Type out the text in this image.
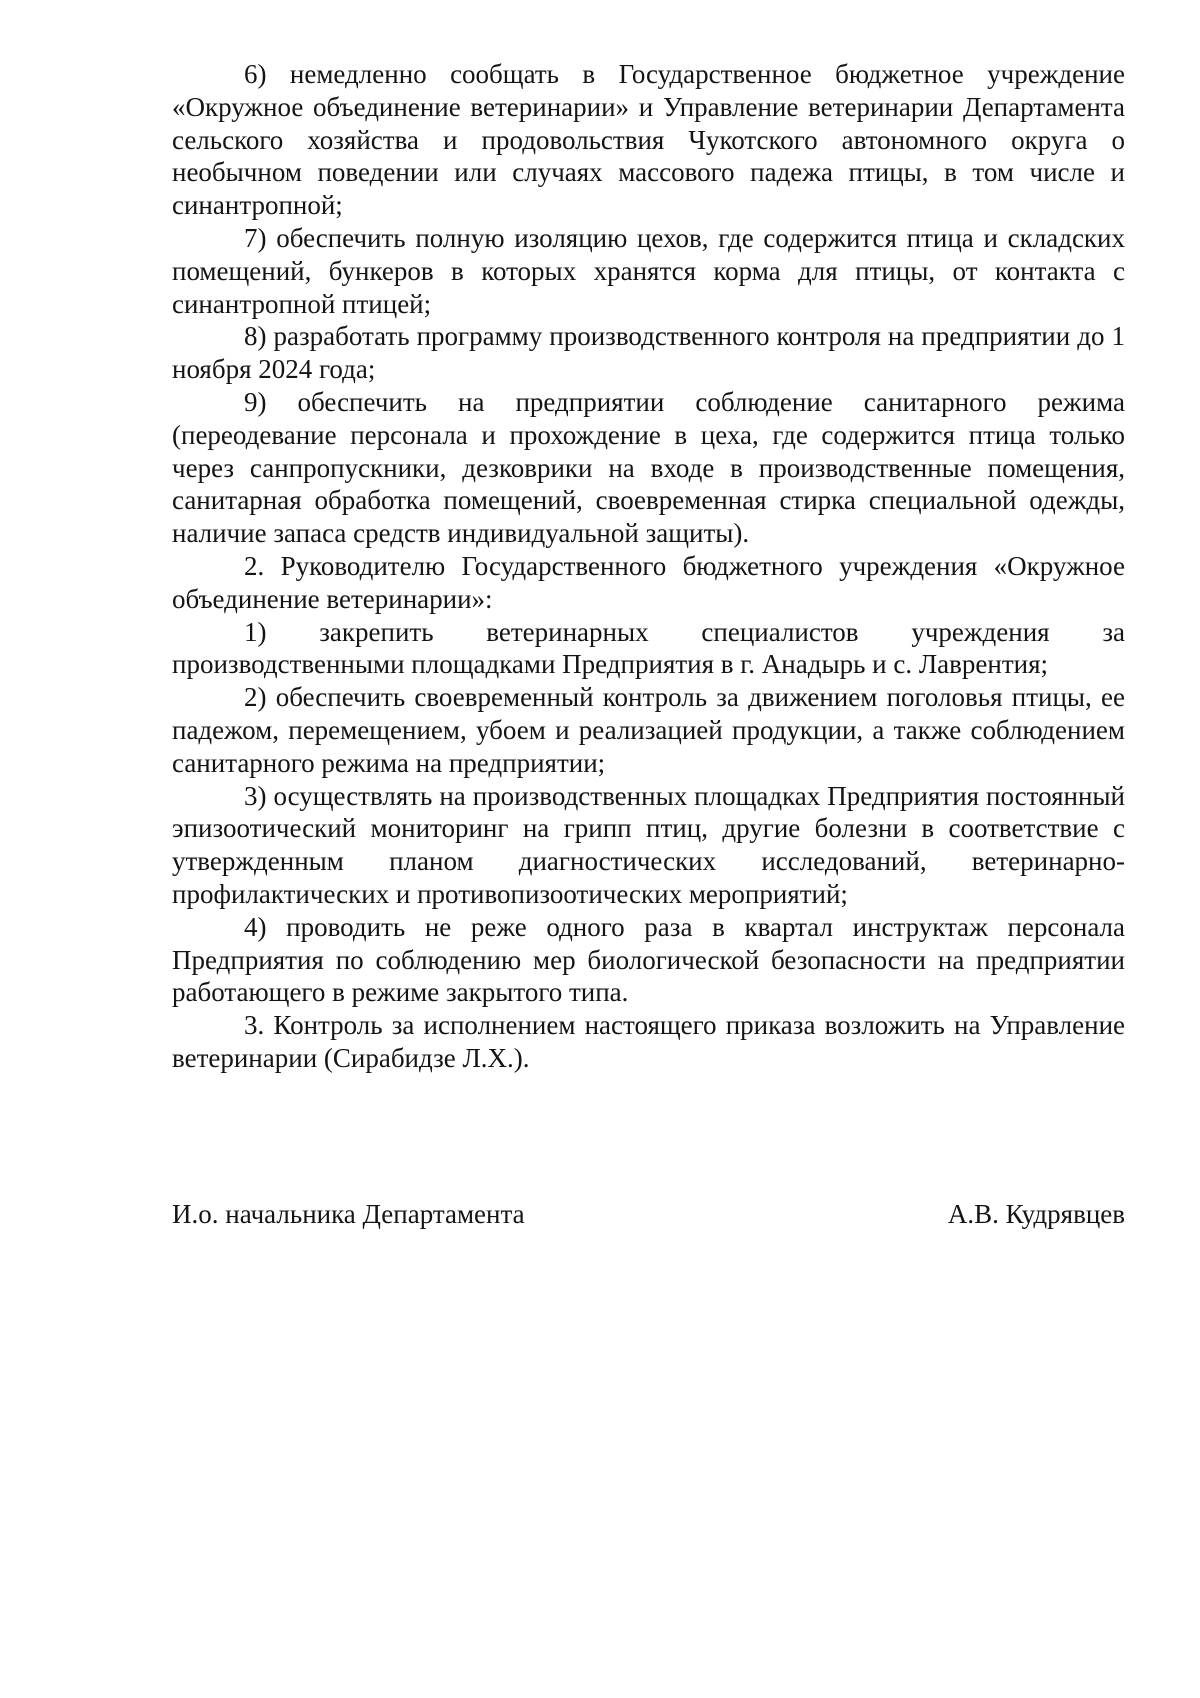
6) немедленно сообщать в Государственное бюджетное учреждение «Окружное объединение ветеринарии» и Управление ветеринарии Департамента сельского хозяйства и продовольствия Чукотского автономного округа о необычном поведении или случаях массового падежа птицы, в том числе и синантропной;

7) обеспечить полную изоляцию цехов, где содержится птица и складских помещений, бункеров в которых хранятся корма для птицы, от контакта с синантропной птицей;

8) разработать программу производственного контроля на предприятии до 1 ноября 2024 года;

9) обеспечить на предприятии соблюдение санитарного режима (переодевание персонала и прохождение в цеха, где содержится птица только через санпропускники, дезковрики на входе в производственные помещения, санитарная обработка помещений, своевременная стирка специальной одежды, наличие запаса средств индивидуальной защиты).

2. Руководителю Государственного бюджетного учреждения «Окружное объединение ветеринарии»:

1) закрепить ветеринарных специалистов учреждения за производственными площадками Предприятия в г. Анадырь и с. Лаврентия;

2) обеспечить своевременный контроль за движением поголовья птицы, ее падежом, перемещением, убоем и реализацией продукции, а также соблюдением санитарного режима на предприятии;

3) осуществлять на производственных площадках Предприятия постоянный эпизоотический мониторинг на грипп птиц, другие болезни в соответствие с утвержденным планом диагностических исследований, ветеринарно-профилактических и противопизоотических мероприятий;

4) проводить не реже одного раза в квартал инструктаж персонала Предприятия по соблюдению мер биологической безопасности на предприятии работающего в режиме закрытого типа.

3. Контроль за исполнением настоящего приказа возложить на Управление ветеринарии (Сирабидзе Л.Х.).

И.о. начальника Департамента	А.В. Кудрявцев
